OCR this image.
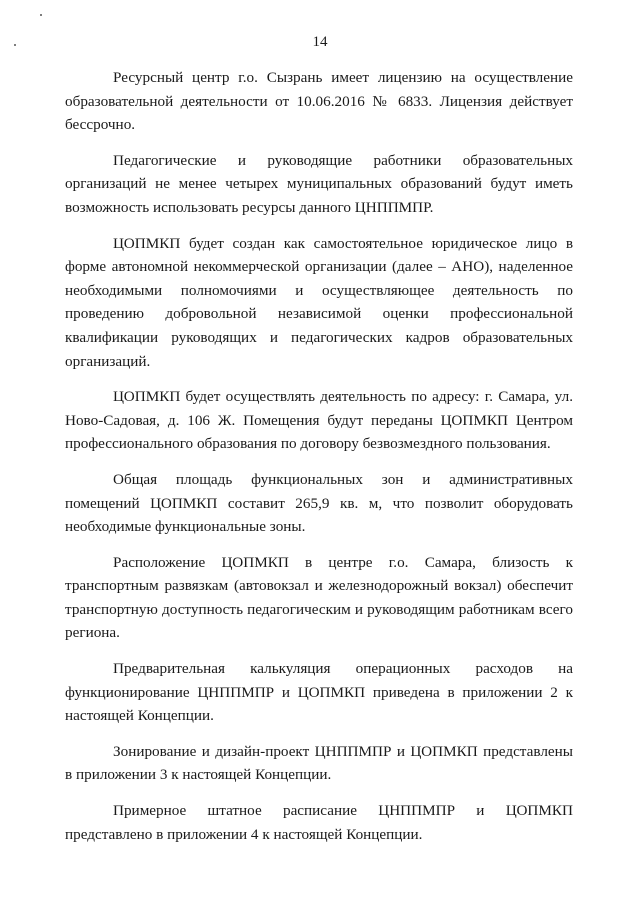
14

Ресурсный центр г.о. Сызрань имеет лицензию на осуществление образовательной деятельности от 10.06.2016 № 6833. Лицензия действует бессрочно.

Педагогические и руководящие работники образовательных организаций не менее четырех муниципальных образований будут иметь возможность использовать ресурсы данного ЦНППМПР.

ЦОПМКП будет создан как самостоятельное юридическое лицо в форме автономной некоммерческой организации (далее – АНО), наделенное необходимыми полномочиями и осуществляющее деятельность по проведению добровольной независимой оценки профессиональной квалификации руководящих и педагогических кадров образовательных организаций.

ЦОПМКП будет осуществлять деятельность по адресу: г. Самара, ул. Ново-Садовая, д. 106 Ж. Помещения будут переданы ЦОПМКП Центром профессионального образования по договору безвозмездного пользования.

Общая площадь функциональных зон и административных помещений ЦОПМКП составит 265,9 кв. м, что позволит оборудовать необходимые функциональные зоны.

Расположение ЦОПМКП в центре г.о. Самара, близость к транспортным развязкам (автовокзал и железнодорожный вокзал) обеспечит транспортную доступность педагогическим и руководящим работникам всего региона.

Предварительная калькуляция операционных расходов на функционирование ЦНППМПР и ЦОПМКП приведена в приложении 2 к настоящей Концепции.

Зонирование и дизайн-проект ЦНППМПР и ЦОПМКП представлены в приложении 3 к настоящей Концепции.

Примерное штатное расписание ЦНППМПР и ЦОПМКП представлено в приложении 4 к настоящей Концепции.
